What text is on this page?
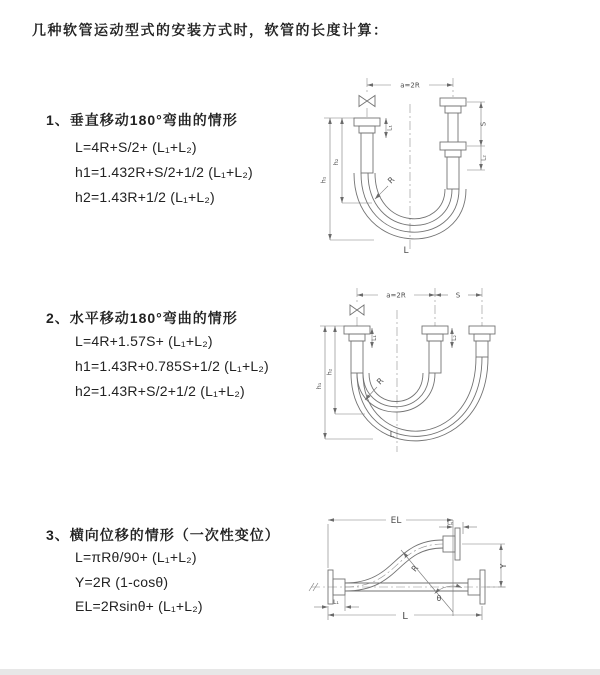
几种软管运动型式的安装方式时，软管的长度计算：
1、垂直移动180°弯曲的情形
L=4R+S/2+ (L₁+L₂)
h1=1.432R+S/2+1/2 (L₁+L₂)
h2=1.43R+1/2 (L₁+L₂)
2、水平移动180°弯曲的情形
L=4R+1.57S+ (L₁+L₂)
h1=1.43R+0.785S+1/2 (L₁+L₂)
h2=1.43R+S/2+1/2 (L₁+L₂)
3、横向位移的情形（一次性变位）
L=πRθ/90+ (L₁+L₂)
Y=2R (1-cosθ)
EL=2Rsinθ+ (L₁+L₂)
a=2R
L₁
S
L₂
h₁
h₂
R
L
a=2R	S
L₁	L₂
h₁
h₂
R
L
EL	L₂
Y
L
L₁
R
θ
